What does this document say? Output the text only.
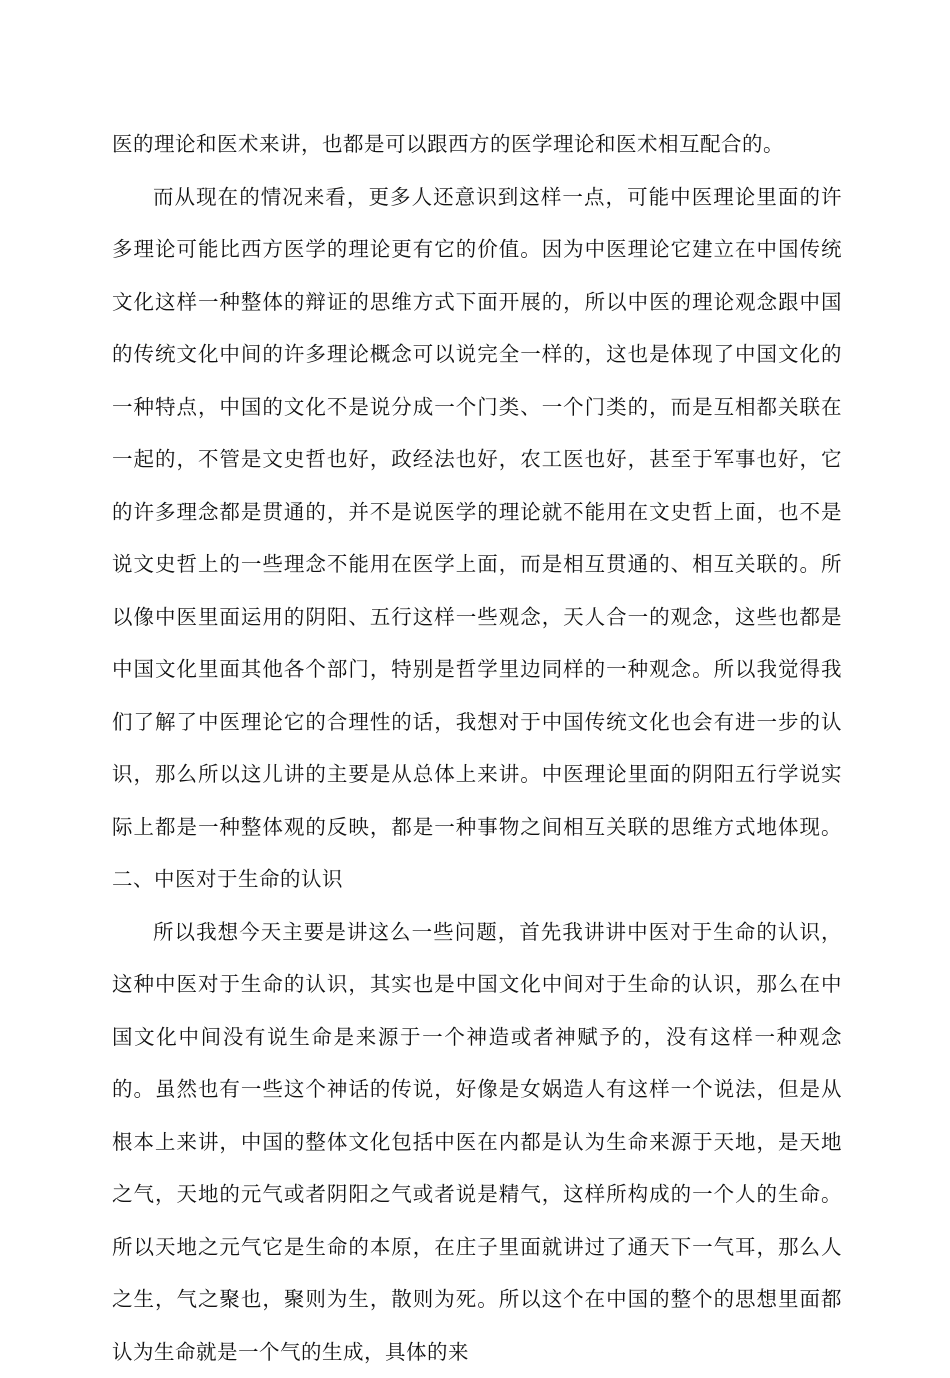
医的理论和医术来讲，也都是可以跟西方的医学理论和医术相互配合的。

而从现在的情况来看，更多人还意识到这样一点，可能中医理论里面的许多理论可能比西方医学的理论更有它的价值。因为中医理论它建立在中国传统文化这样一种整体的辩证的思维方式下面开展的，所以中医的理论观念跟中国的传统文化中间的许多理论概念可以说完全一样的，这也是体现了中国文化的一种特点，中国的文化不是说分成一个门类、一个门类的，而是互相都关联在一起的，不管是文史哲也好，政经法也好，农工医也好，甚至于军事也好，它的许多理念都是贯通的，并不是说医学的理论就不能用在文史哲上面，也不是说文史哲上的一些理念不能用在医学上面，而是相互贯通的、相互关联的。所以像中医里面运用的阴阳、五行这样一些观念，天人合一的观念，这些也都是中国文化里面其他各个部门，特别是哲学里边同样的一种观念。所以我觉得我们了解了中医理论它的合理性的话，我想对于中国传统文化也会有进一步的认识，那么所以这儿讲的主要是从总体上来讲。中医理论里面的阴阳五行学说实际上都是一种整体观的反映，都是一种事物之间相互关联的思维方式地体现。二、中医对于生命的认识

所以我想今天主要是讲这么一些问题，首先我讲讲中医对于生命的认识，这种中医对于生命的认识，其实也是中国文化中间对于生命的认识，那么在中国文化中间没有说生命是来源于一个神造或者神赋予的，没有这样一种观念的。虽然也有一些这个神话的传说，好像是女娲造人有这样一个说法，但是从根本上来讲，中国的整体文化包括中医在内都是认为生命来源于天地，是天地之气，天地的元气或者阴阳之气或者说是精气，这样所构成的一个人的生命。所以天地之元气它是生命的本原，在庄子里面就讲过了通天下一气耳，那么人之生，气之聚也，聚则为生，散则为死。所以这个在中国的整个的思想里面都认为生命就是一个气的生成，具体的来
